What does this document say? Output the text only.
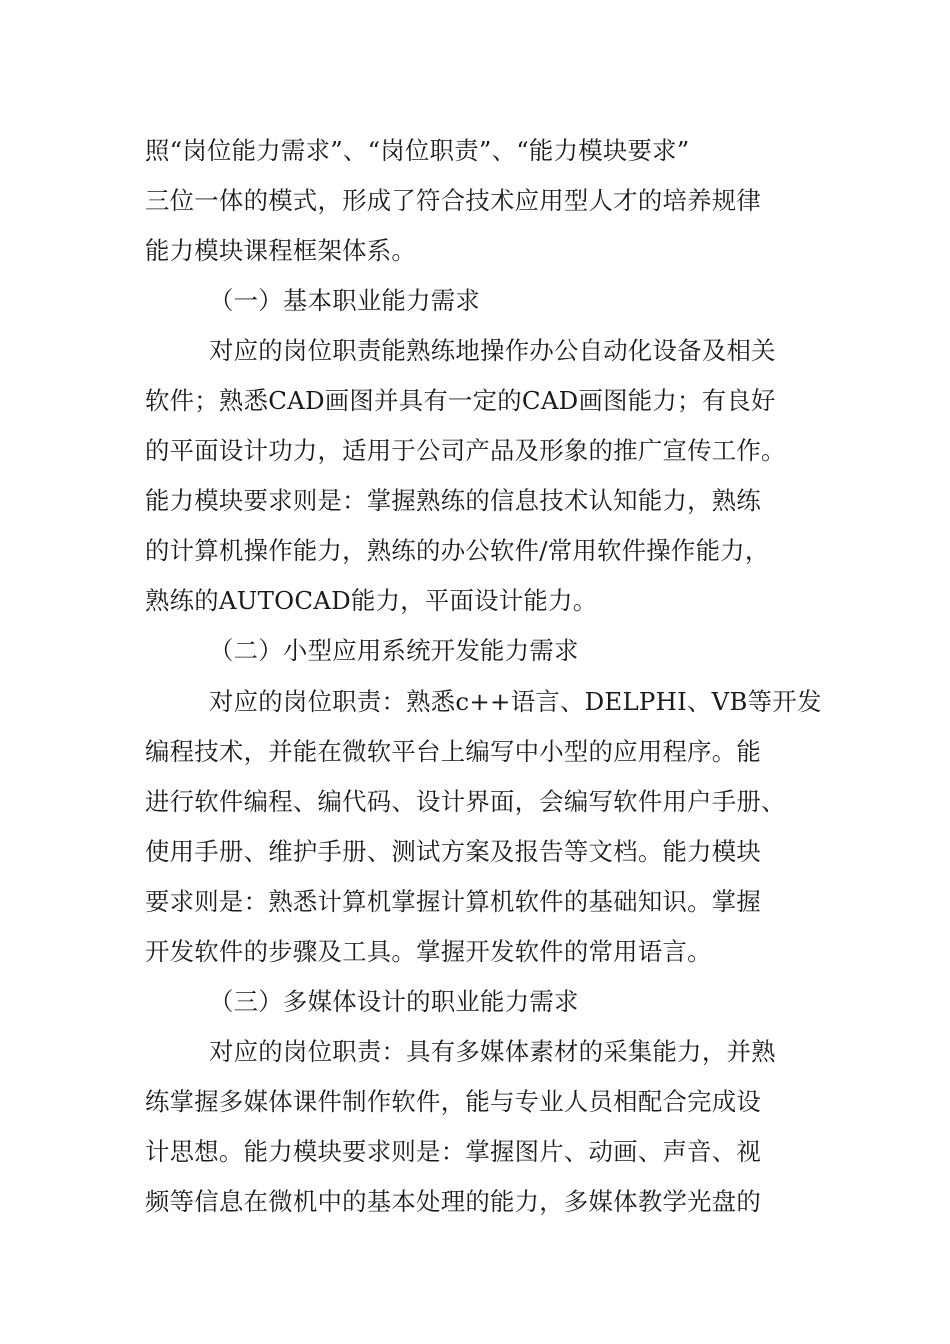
照“岗位能力需求”、“岗位职责”、“能力模块要求”
三位一体的模式，形成了符合技术应用型人才的培养规律
能力模块课程框架体系。
（一）基本职业能力需求
对应的岗位职责能熟练地操作办公自动化设备及相关
软件；熟悉CAD画图并具有一定的CAD画图能力；有良好
的平面设计功力，适用于公司产品及形象的推广宣传工作。
能力模块要求则是：掌握熟练的信息技术认知能力，熟练
的计算机操作能力，熟练的办公软件/常用软件操作能力，
熟练的AUTOCAD能力，平面设计能力。
（二）小型应用系统开发能力需求
对应的岗位职责：熟悉c++语言、DELPHI、VB等开发
编程技术，并能在微软平台上编写中小型的应用程序。能
进行软件编程、编代码、设计界面，会编写软件用户手册、
使用手册、维护手册、测试方案及报告等文档。能力模块
要求则是：熟悉计算机掌握计算机软件的基础知识。掌握
开发软件的步骤及工具。掌握开发软件的常用语言。
（三）多媒体设计的职业能力需求
对应的岗位职责：具有多媒体素材的采集能力，并熟
练掌握多媒体课件制作软件，能与专业人员相配合完成设
计思想。能力模块要求则是：掌握图片、动画、声音、视
频等信息在微机中的基本处理的能力，多媒体教学光盘的
